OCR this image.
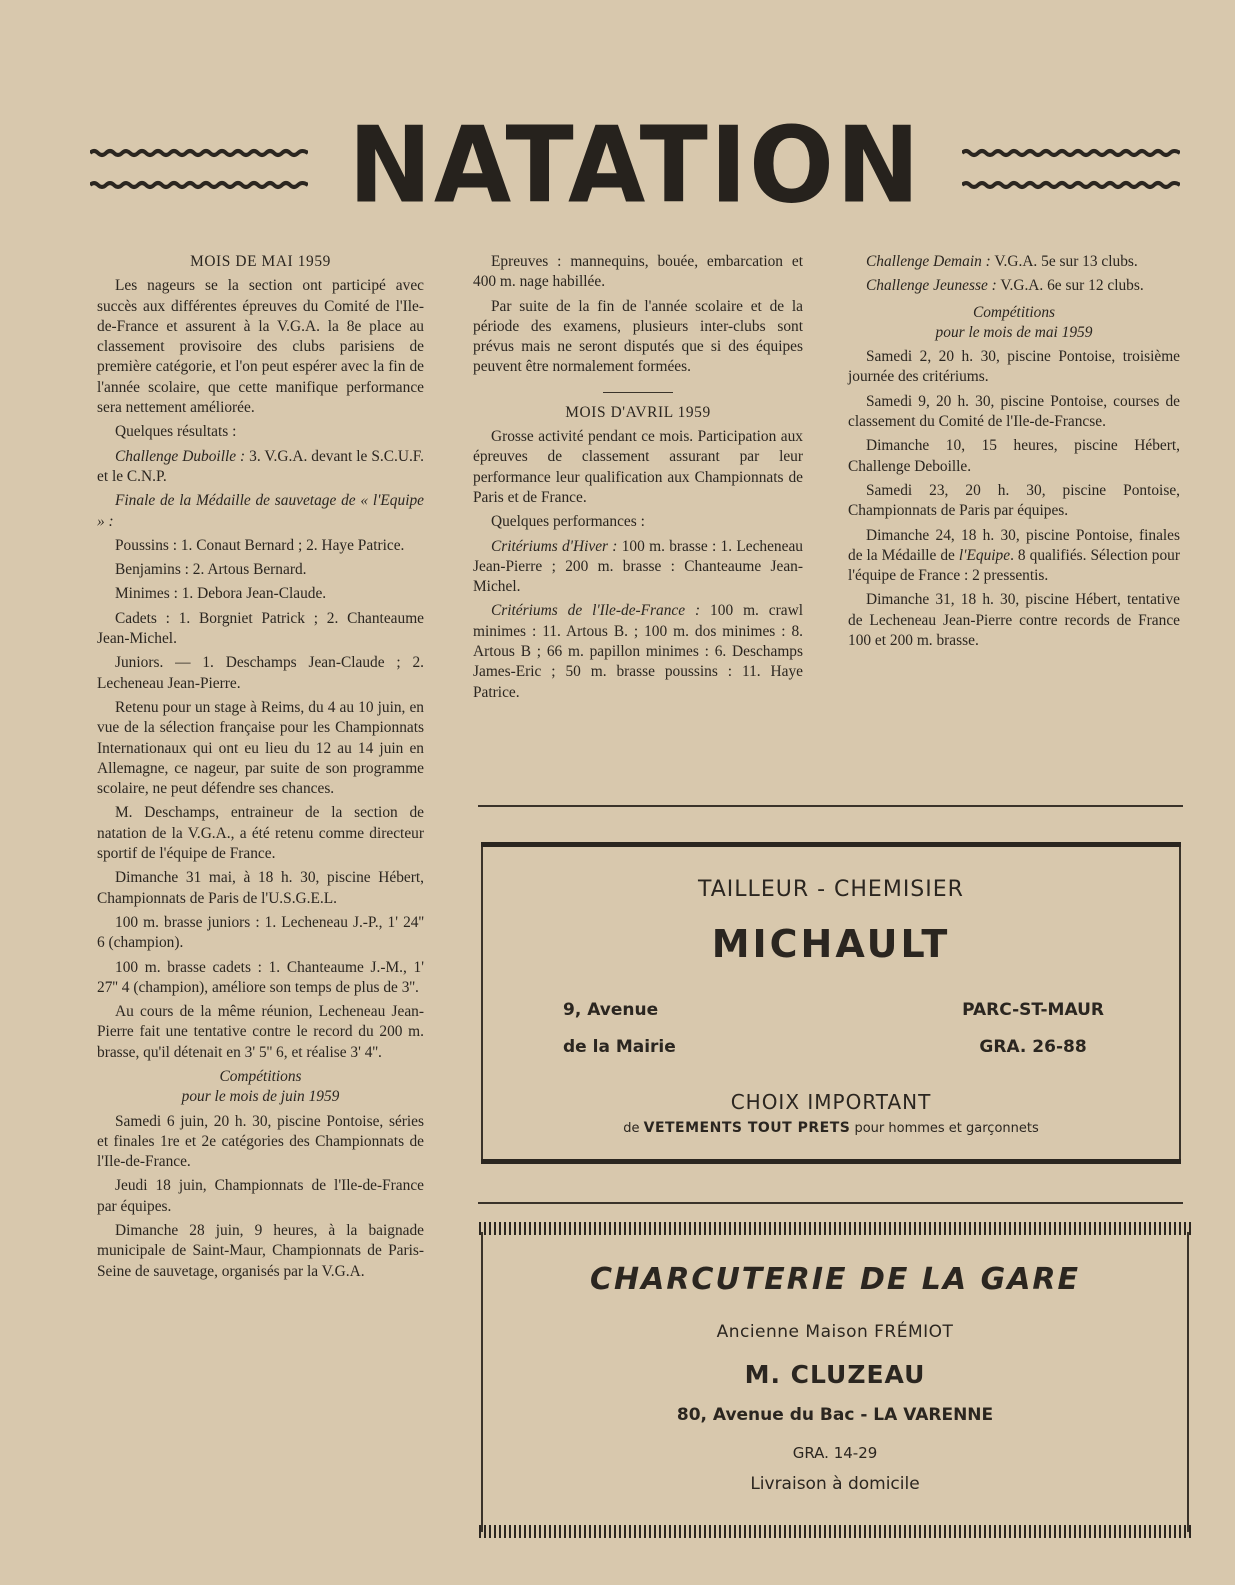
NATATION
MOIS DE MAI 1959

Les nageurs se la section ont participé avec succès aux différentes épreuves du Comité de l'Ile-de-France et assurent à la V.G.A. la 8e place au classement provisoire des clubs parisiens de première catégorie, et l'on peut espérer avec la fin de l'année scolaire, que cette manifique performance sera nettement améliorée.

Quelques résultats :

Challenge Duboille : 3. V.G.A. devant le S.C.U.F. et le C.N.P.

Finale de la Médaille de sauvetage de « l'Equipe » :

Poussins : 1. Conaut Bernard ; 2. Haye Patrice.

Benjamins : 2. Artous Bernard.

Minimes : 1. Debora Jean-Claude.

Cadets : 1. Borgniet Patrick ; 2. Chanteaume Jean-Michel.

Juniors. — 1. Deschamps Jean-Claude ; 2. Lecheneau Jean-Pierre.

Retenu pour un stage à Reims, du 4 au 10 juin, en vue de la sélection française pour les Championnats Internationaux qui ont eu lieu du 12 au 14 juin en Allemagne, ce nageur, par suite de son programme scolaire, ne peut défendre ses chances.

M. Deschamps, entraineur de la section de natation de la V.G.A., a été retenu comme directeur sportif de l'équipe de France.

Dimanche 31 mai, à 18 h. 30, piscine Hébert, Championnats de Paris de l'U.S.G.E.L.

100 m. brasse juniors : 1. Lecheneau J.-P., 1' 24'' 6 (champion).

100 m. brasse cadets : 1. Chanteaume J.-M., 1' 27'' 4 (champion), améliore son temps de plus de 3''.

Au cours de la même réunion, Lecheneau Jean-Pierre fait une tentative contre le record du 200 m. brasse, qu'il détenait en 3' 5'' 6, et réalise 3' 4''.

Compétitions
pour le mois de juin 1959

Samedi 6 juin, 20 h. 30, piscine Pontoise, séries et finales 1re et 2e catégories des Championnats de l'Ile-de-France.

Jeudi 18 juin, Championnats de l'Ile-de-France par équipes.

Dimanche 28 juin, 9 heures, à la baignade municipale de Saint-Maur, Championnats de Paris-Seine de sauvetage, organisés par la V.G.A.

Epreuves : mannequins, bouée, embarcation et 400 m. nage habillée.

Par suite de la fin de l'année scolaire et de la période des examens, plusieurs inter-clubs sont prévus mais ne seront disputés que si des équipes peuvent être normalement formées.

MOIS D'AVRIL 1959

Grosse activité pendant ce mois. Participation aux épreuves de classement assurant par leur performance leur qualification aux Championnats de Paris et de France.

Quelques performances :

Critériums d'Hiver : 100 m. brasse : 1. Lecheneau Jean-Pierre ; 200 m. brasse : Chanteaume Jean-Michel.

Critériums de l'Ile-de-France : 100 m. crawl minimes : 11. Artous B. ; 100 m. dos minimes : 8. Artous B ; 66 m. papillon minimes : 6. Deschamps James-Eric ; 50 m. brasse poussins : 11. Haye Patrice.

Challenge Demain : V.G.A. 5e sur 13 clubs.

Challenge Jeunesse : V.G.A. 6e sur 12 clubs.

Compétitions
pour le mois de mai 1959

Samedi 2, 20 h. 30, piscine Pontoise, troisième journée des critériums.

Samedi 9, 20 h. 30, piscine Pontoise, courses de classement du Comité de l'Ile-de-Francse.

Dimanche 10, 15 heures, piscine Hébert, Challenge Deboille.

Samedi 23, 20 h. 30, piscine Pontoise, Championnats de Paris par équipes.

Dimanche 24, 18 h. 30, piscine Pontoise, finales de la Médaille de l'Equipe. 8 qualifiés. Sélection pour l'équipe de France : 2 pressentis.

Dimanche 31, 18 h. 30, piscine Hébert, tentative de Lecheneau Jean-Pierre contre records de France 100 et 200 m. brasse.

TAILLEUR - CHEMISIER
MICHAULT
9, Avenue
de la Mairie
PARC-ST-MAUR
GRA. 26-88
CHOIX IMPORTANT
de VETEMENTS TOUT PRETS pour hommes et garçonnets
CHARCUTERIE DE LA GARE
Ancienne Maison FRÉMIOT
M. CLUZEAU
80, Avenue du Bac - LA VARENNE
GRA. 14-29
Livraison à domicile
